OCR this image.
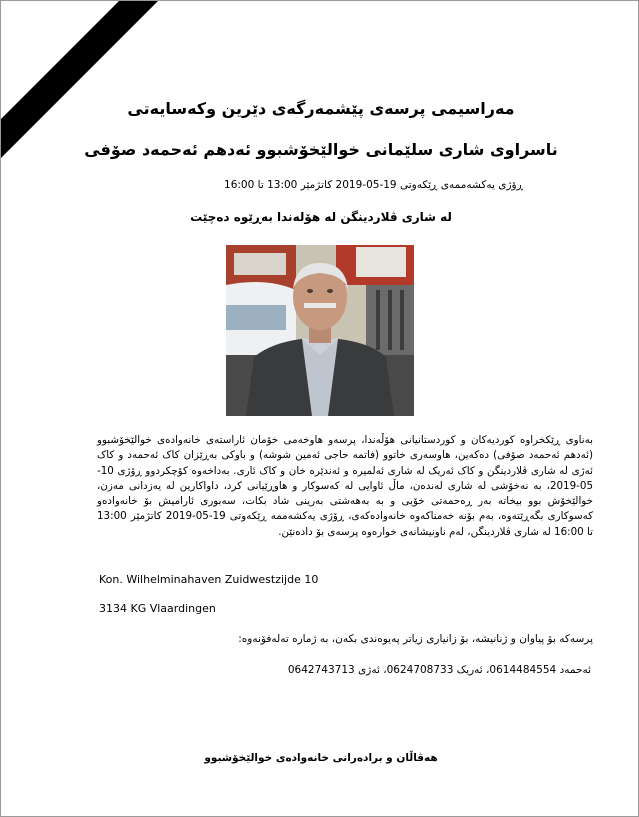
مەراسیمی پرسەی پێشمەرگەی دێرین وکەسایەتی
ناسراوی شاری سلێمانی خوالێخۆشبوو ئەدهم ئەحمەد صۆفی
ڕۆژی یەکشەممەی ڕێکەوتی 19-05-2019 کاتژمێر 13:00 تا 16:00
لە شاری ڤلاردینگن لە هۆلەندا بەڕێوە دەچێت

بەناوی ڕێکخراوە کوردیەکان و کوردستانیانی هۆڵەندا، پرسەو هاوخەمی خۆمان ئاراستەی خانەوادەی خوالێخۆشبوو (ئەدهم ئەحمەد صۆفی) دەکەین، هاوسەری خاتوو (فاتمە حاجی ئەمین شوشە) و باوکی بەڕێزان کاک ئەحمەد و کاک ئەژی لە شاری ڤلاردینگن و کاک ئەریک لە شاری ئەلمیرە و ئەندێرە خان و کاک ئاری. بەداخەوە کۆچکردوو ڕۆژی 10-05-2019، بە نەخۆشی لە شاری لەندەن، ماڵ ئاوایی لە کەسوکار و هاوڕێیانی کرد، داواکارین لە یەزدانی مەزن، خوالێخۆش بوو بیخاتە بەر ڕەحمەتی خۆیی و بە بەهەشتی بەرینی شاد بکات، سەبوری ئارامیش بۆ خانەوادەو کەسوکاری بگەڕێتەوە، بەم بۆنە خەمناکەوە خانەوادەکەی، ڕۆژی یەکشەممە ڕێکەوتی 19-05-2019 کاتژمێر 13:00 تا 16:00 لە شاری ڤلاردینگن، لەم ناونیشانەی خوارەوە پرسەی بۆ دادەنێن.

Kon. Wilhelminahaven Zuidwestzijde 10
3134 KG Vlaardingen
پرسەکە بۆ پیاوان و ژنانیشە، بۆ زانیاری زیاتر پەیوەندی بکەن، بە ژمارە تەلەفۆنەوە:
ئەحمەد 0614484554، ئەریک 0624708733، ئەژی 0642743713
هەڤاڵان و برادەرانی خانەوادەی خوالێخۆشبوو
